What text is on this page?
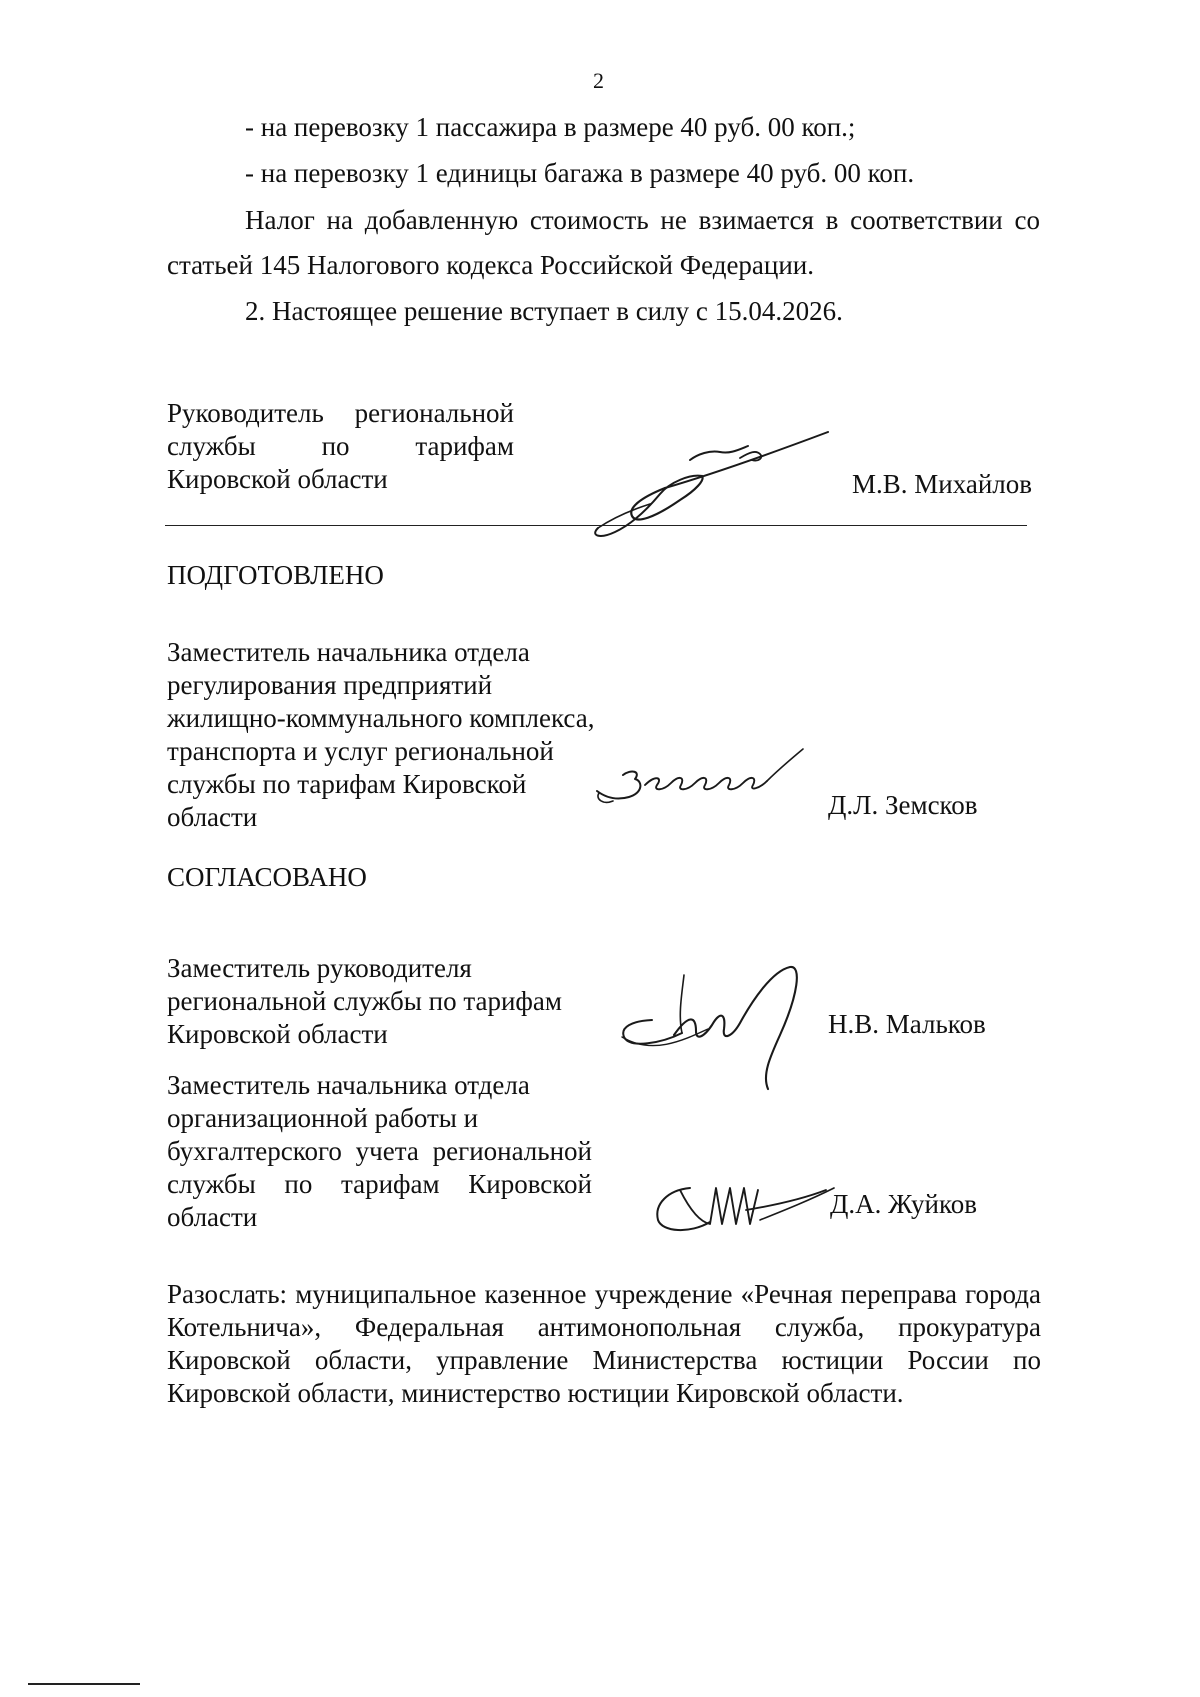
2
- на перевозку 1 пассажира в размере 40 руб. 00 коп.;
- на перевозку 1 единицы багажа в размере 40 руб. 00 коп.
Налог на добавленную стоимость не взимается в соответствии со
статьей 145 Налогового кодекса Российской Федерации.
2. Настоящее решение вступает в силу с 15.04.2026.
Руководитель региональной
службы по тарифам
Кировской области	М.В. Михайлов
ПОДГОТОВЛЕНО
Заместитель начальника отдела
регулирования предприятий
жилищно-коммунального комплекса,
транспорта и услуг региональной
службы по тарифам Кировской
области	Д.Л. Земсков
СОГЛАСОВАНО
Заместитель руководителя
региональной службы по тарифам
Кировской области	Н.В. Мальков
Заместитель начальника отдела
организационной работы и
бухгалтерского учета региональной
службы по тарифам Кировской
области	Д.А. Жуйков
Разослать: муниципальное казенное учреждение «Речная переправа города
Котельнича», Федеральная антимонопольная служба, прокуратура
Кировской области, управление Министерства юстиции России по
Кировской области, министерство юстиции Кировской области.
